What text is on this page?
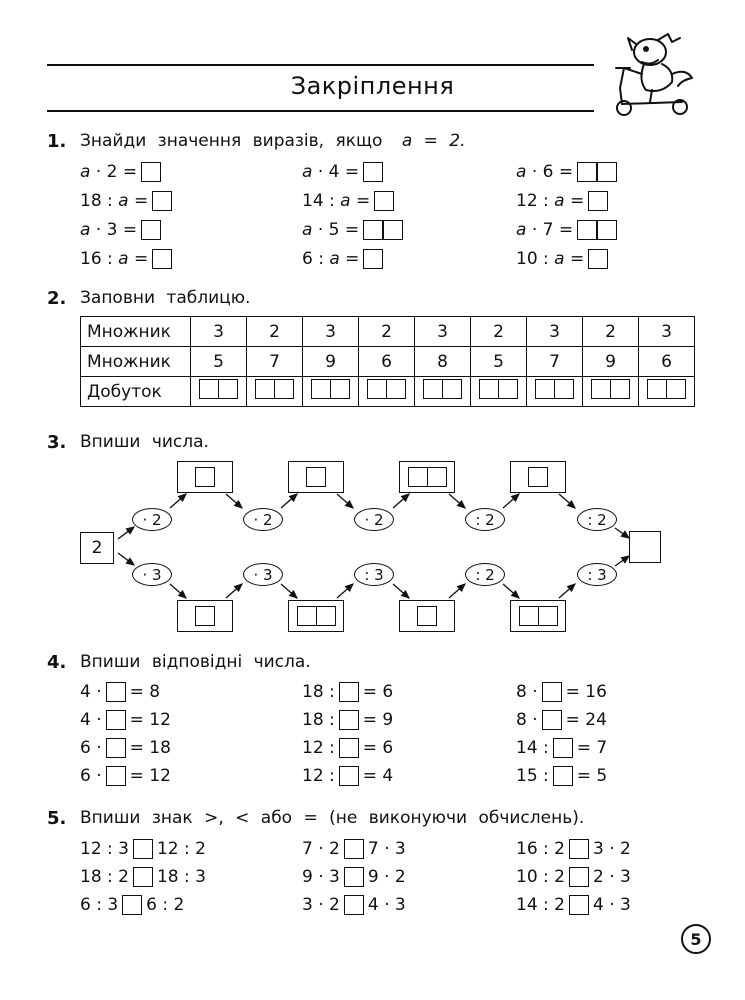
Закріплення
1. Знайди значення виразів, якщо a = 2.
a · 2 =
18 : a =
a · 3 =
16 : a =
a · 4 =
14 : a =
a · 5 =
6 : a =
a · 6 =
12 : a =
a · 7 =
10 : a =
2. Заповни таблицю.
Множник	3	2	3	2	3	2	3	2	3
Множник	5	7	9	6	8	5	7	9	6
Добуток	

3. Впиши числа.
2
· 2	· 2	· 2	: 2	: 2
· 3	· 3	: 3	: 2	: 3
4. Впиши відповідні числа.
4 · = 8
4 · = 12
6 · = 18
6 · = 12
18 : = 6
18 : = 9
12 : = 6
12 : = 4
8 · = 16
8 · = 24
14 : = 7
15 : = 5
5. Впиши знак >, < або = (не виконуючи обчислень).
12 : 3 12 : 2
18 : 2 18 : 3
6 : 3 6 : 2
7 · 2 7 · 3
9 · 3 9 · 2
3 · 2 4 · 3
16 : 2 3 · 2
10 : 2 2 · 3
14 : 2 4 · 3
5
